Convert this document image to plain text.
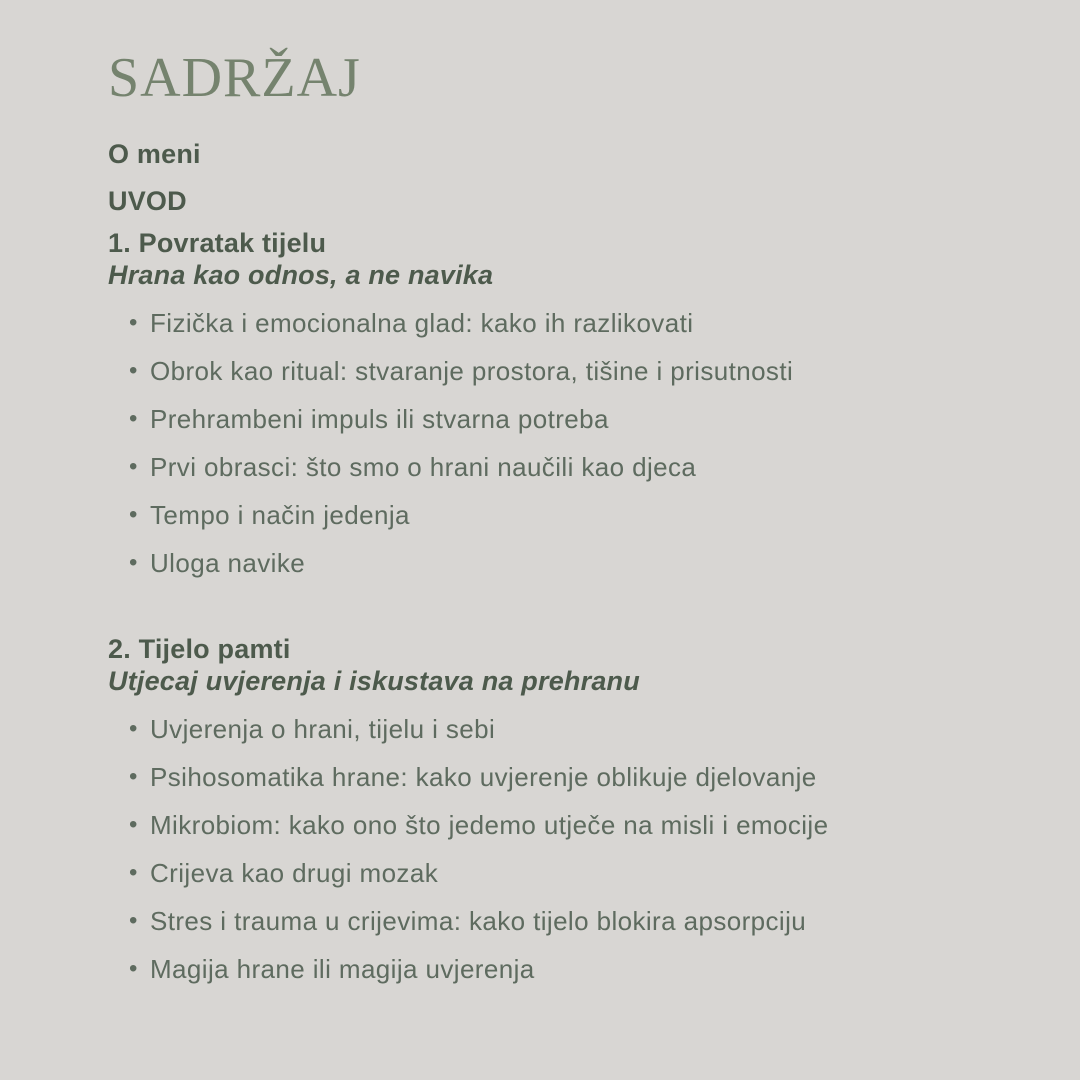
SADRŽAJ
O meni
UVOD
1. Povratak tijelu
Hrana kao odnos, a ne navika
• Fizička i emocionalna glad: kako ih razlikovati
• Obrok kao ritual: stvaranje prostora, tišine i prisutnosti
• Prehrambeni impuls ili stvarna potreba
• Prvi obrasci: što smo o hrani naučili kao djeca
• Tempo i način jedenja
• Uloga navike
2. Tijelo pamti
Utjecaj uvjerenja i iskustava na prehranu
• Uvjerenja o hrani, tijelu i sebi
• Psihosomatika hrane: kako uvjerenje oblikuje djelovanje
• Mikrobiom: kako ono što jedemo utječe na misli i emocije
• Crijeva kao drugi mozak
• Stres i trauma u crijevima: kako tijelo blokira apsorpciju
• Magija hrane ili magija uvjerenja
